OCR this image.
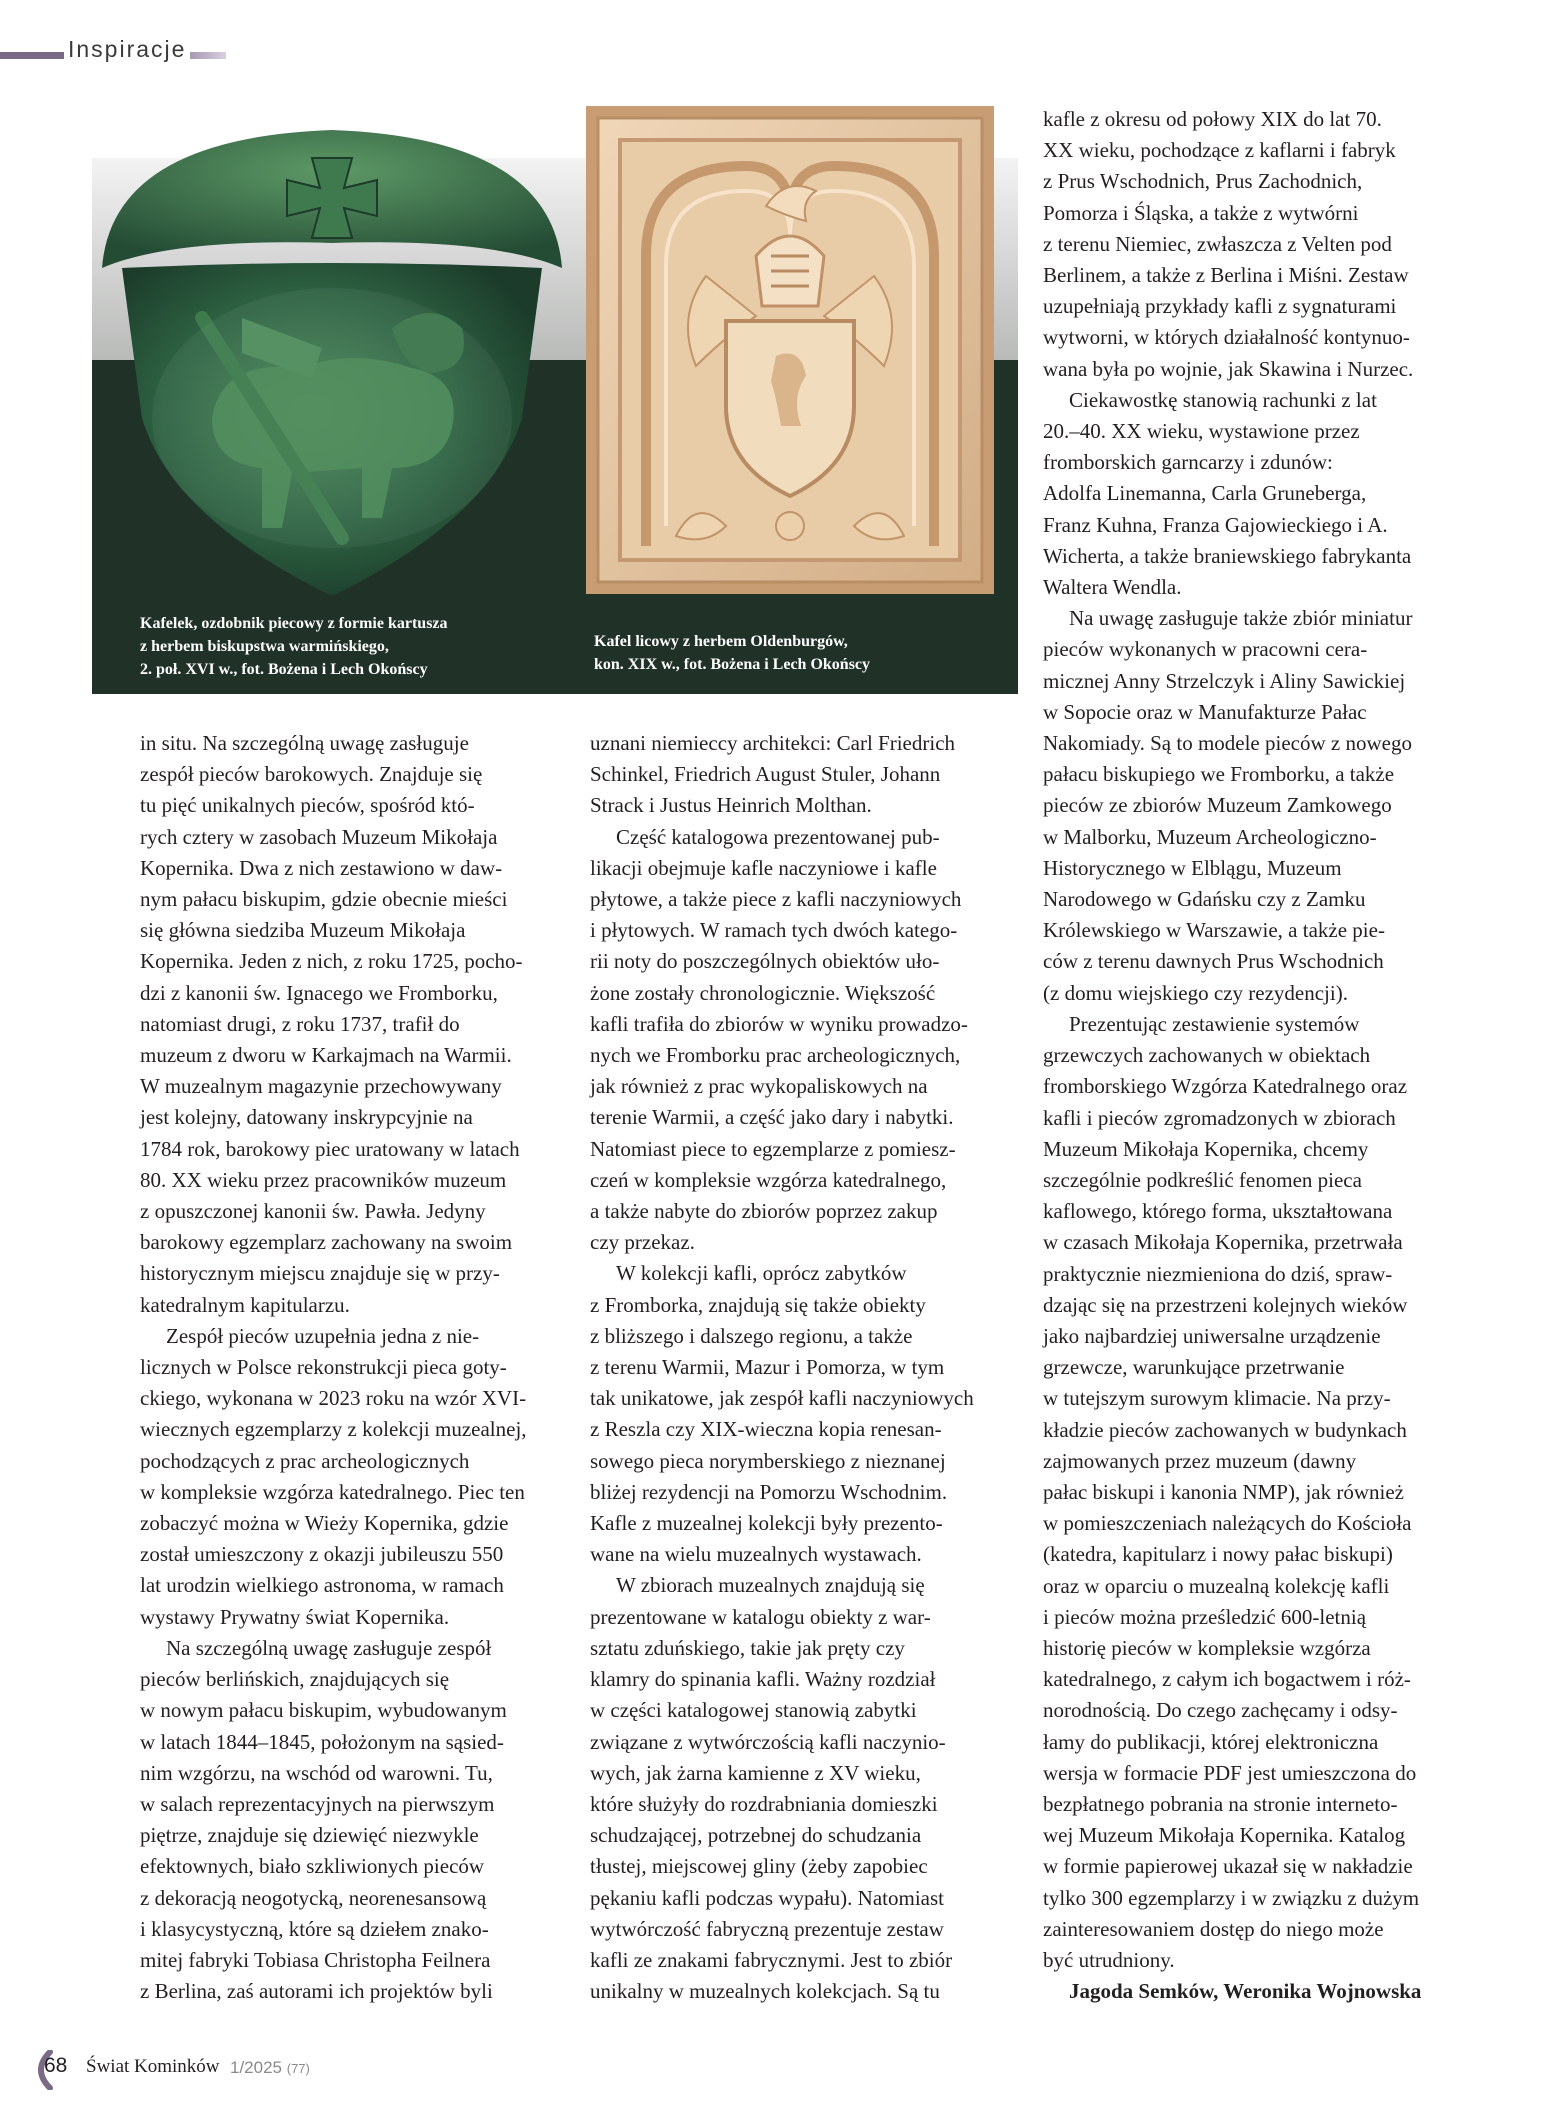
Inspiracje
Kafelek, ozdobnik piecowy z formie kartusza
z herbem biskupstwa warmińskiego,
2. poł. XVI w., fot. Bożena i Lech Okońscy
Kafel licowy z herbem Oldenburgów,
kon. XIX w., fot. Bożena i Lech Okońscy
in situ. Na szczególną uwagę zasługuje
zespół pieców barokowych. Znajduje się
tu pięć unikalnych pieców, spośród któ-
rych cztery w zasobach Muzeum Mikołaja
Kopernika. Dwa z nich zestawiono w daw-
nym pałacu biskupim, gdzie obecnie mieści
się główna siedziba Muzeum Mikołaja
Kopernika. Jeden z nich, z roku 1725, pocho-
dzi z kanonii św. Ignacego we Fromborku,
natomiast drugi, z roku 1737, trafił do
muzeum z dworu w Karkajmach na Warmii.
W muzealnym magazynie przechowywany
jest kolejny, datowany inskrypcyjnie na
1784 rok, barokowy piec uratowany w latach
80. XX wieku przez pracowników muzeum
z opuszczonej kanonii św. Pawła. Jedyny
barokowy egzemplarz zachowany na swoim
historycznym miejscu znajduje się w przy-
katedralnym kapitularzu.
Zespół pieców uzupełnia jedna z nie-
licznych w Polsce rekonstrukcji pieca goty-
ckiego, wykonana w 2023 roku na wzór XVI-
wiecznych egzemplarzy z kolekcji muzealnej,
pochodzących z prac archeologicznych
w kompleksie wzgórza katedralnego. Piec ten
zobaczyć można w Wieży Kopernika, gdzie
został umieszczony z okazji jubileuszu 550
lat urodzin wielkiego astronoma, w ramach
wystawy Prywatny świat Kopernika.
Na szczególną uwagę zasługuje zespół
pieców berlińskich, znajdujących się
w nowym pałacu biskupim, wybudowanym
w latach 1844–1845, położonym na sąsied-
nim wzgórzu, na wschód od warowni. Tu,
w salach reprezentacyjnych na pierwszym
piętrze, znajduje się dziewięć niezwykle
efektownych, biało szkliwionych pieców
z dekoracją neogotycką, neorenesansową
i klasycystyczną, które są dziełem znako-
mitej fabryki Tobiasa Christopha Feilnera
z Berlina, zaś autorami ich projektów byli
uznani niemieccy architekci: Carl Friedrich
Schinkel, Friedrich August Stuler, Johann
Strack i Justus Heinrich Molthan.
Część katalogowa prezentowanej pub-
likacji obejmuje kafle naczyniowe i kafle
płytowe, a także piece z kafli naczyniowych
i płytowych. W ramach tych dwóch katego-
rii noty do poszczególnych obiektów uło-
żone zostały chronologicznie. Większość
kafli trafiła do zbiorów w wyniku prowadzo-
nych we Fromborku prac archeologicznych,
jak również z prac wykopaliskowych na
terenie Warmii, a część jako dary i nabytki.
Natomiast piece to egzemplarze z pomiesz-
czeń w kompleksie wzgórza katedralnego,
a także nabyte do zbiorów poprzez zakup
czy przekaz.
W kolekcji kafli, oprócz zabytków
z Fromborka, znajdują się także obiekty
z bliższego i dalszego regionu, a także
z terenu Warmii, Mazur i Pomorza, w tym
tak unikatowe, jak zespół kafli naczyniowych
z Reszla czy XIX-wieczna kopia renesan-
sowego pieca norymberskiego z nieznanej
bliżej rezydencji na Pomorzu Wschodnim.
Kafle z muzealnej kolekcji były prezento-
wane na wielu muzealnych wystawach.
W zbiorach muzealnych znajdują się
prezentowane w katalogu obiekty z war-
sztatu zduńskiego, takie jak pręty czy
klamry do spinania kafli. Ważny rozdział
w części katalogowej stanowią zabytki
związane z wytwórczością kafli naczynio-
wych, jak żarna kamienne z XV wieku,
które służyły do rozdrabniania domieszki
schudzającej, potrzebnej do schudzania
tłustej, miejscowej gliny (żeby zapobiec
pękaniu kafli podczas wypału). Natomiast
wytwórczość fabryczną prezentuje zestaw
kafli ze znakami fabrycznymi. Jest to zbiór
unikalny w muzealnych kolekcjach. Są tu
kafle z okresu od połowy XIX do lat 70.
XX wieku, pochodzące z kaflarni i fabryk
z Prus Wschodnich, Prus Zachodnich,
Pomorza i Śląska, a także z wytwórni
z terenu Niemiec, zwłaszcza z Velten pod
Berlinem, a także z Berlina i Miśni. Zestaw
uzupełniają przykłady kafli z sygnaturami
wytworni, w których działalność kontynuo-
wana była po wojnie, jak Skawina i Nurzec.
Ciekawostkę stanowią rachunki z lat
20.–40. XX wieku, wystawione przez
fromborskich garncarzy i zdunów:
Adolfa Linemanna, Carla Gruneberga,
Franz Kuhna, Franza Gajowieckiego i A.
Wicherta, a także braniewskiego fabrykanta
Waltera Wendla.
Na uwagę zasługuje także zbiór miniatur
pieców wykonanych w pracowni cera-
micznej Anny Strzelczyk i Aliny Sawickiej
w Sopocie oraz w Manufakturze Pałac
Nakomiady. Są to modele pieców z nowego
pałacu biskupiego we Fromborku, a także
pieców ze zbiorów Muzeum Zamkowego
w Malborku, Muzeum Archeologiczno-
Historycznego w Elblągu, Muzeum
Narodowego w Gdańsku czy z Zamku
Królewskiego w Warszawie, a także pie-
ców z terenu dawnych Prus Wschodnich
(z domu wiejskiego czy rezydencji).
Prezentując zestawienie systemów
grzewczych zachowanych w obiektach
fromborskiego Wzgórza Katedralnego oraz
kafli i pieców zgromadzonych w zbiorach
Muzeum Mikołaja Kopernika, chcemy
szczególnie podkreślić fenomen pieca
kaflowego, którego forma, ukształtowana
w czasach Mikołaja Kopernika, przetrwała
praktycznie niezmieniona do dziś, spraw-
dzając się na przestrzeni kolejnych wieków
jako najbardziej uniwersalne urządzenie
grzewcze, warunkujące przetrwanie
w tutejszym surowym klimacie. Na przy-
kładzie pieców zachowanych w budynkach
zajmowanych przez muzeum (dawny
pałac biskupi i kanonia NMP), jak również
w pomieszczeniach należących do Kościoła
(katedra, kapitularz i nowy pałac biskupi)
oraz w oparciu o muzealną kolekcję kafli
i pieców można prześledzić 600-letnią
historię pieców w kompleksie wzgórza
katedralnego, z całym ich bogactwem i róż-
norodnością. Do czego zachęcamy i odsy-
łamy do publikacji, której elektroniczna
wersja w formacie PDF jest umieszczona do
bezpłatnego pobrania na stronie interneto-
wej Muzeum Mikołaja Kopernika. Katalog
w formie papierowej ukazał się w nakładzie
tylko 300 egzemplarzy i w związku z dużym
zainteresowaniem dostęp do niego może
być utrudniony.
Jagoda Semków, Weronika Wojnowska
68 Świat Kominków 1/2025 (77)
